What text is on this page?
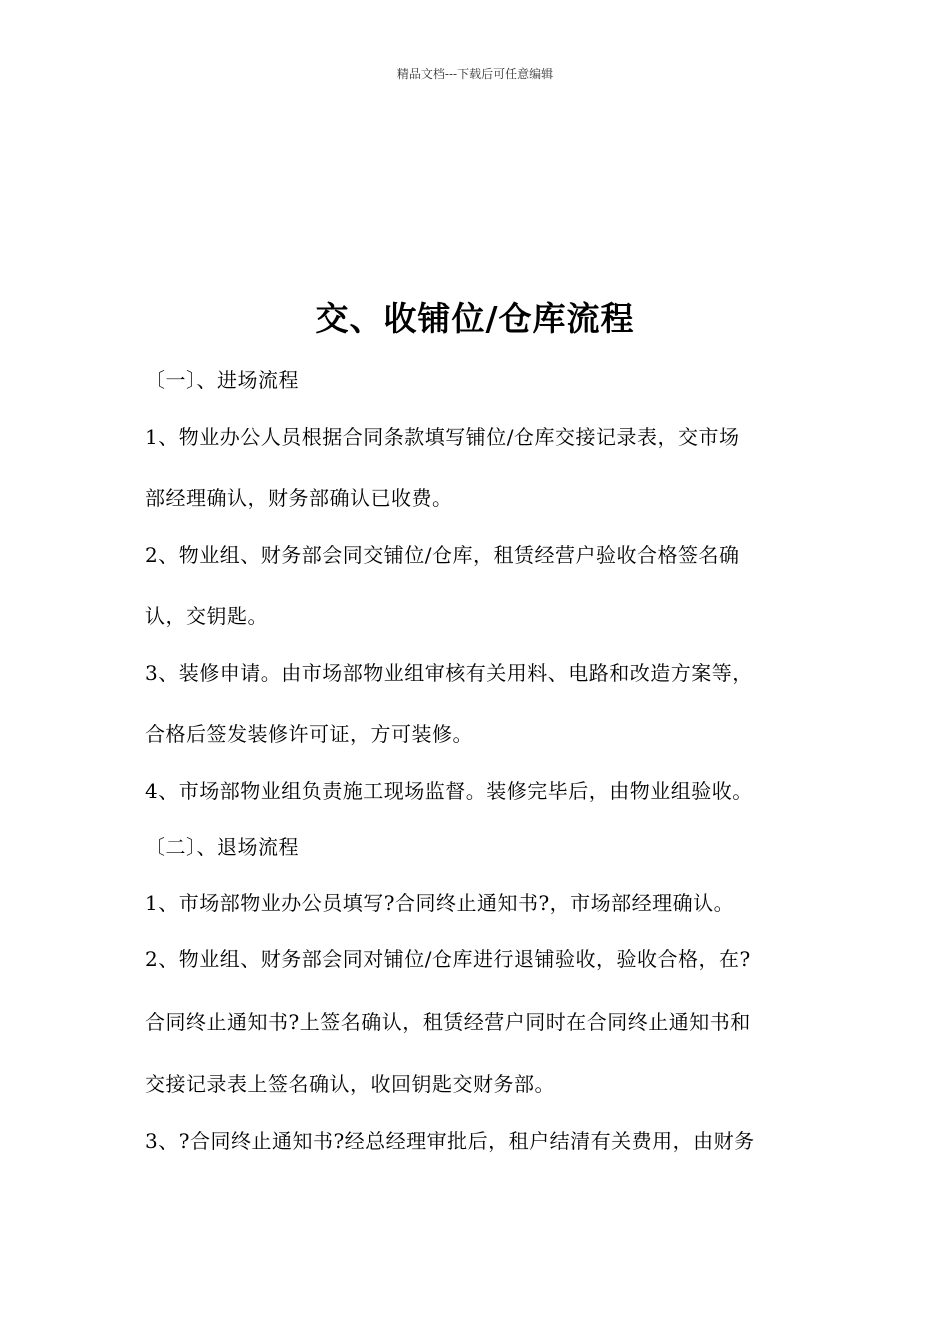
精品文档---下载后可任意编辑
交、收铺位/仓库流程
〔一〕、进场流程
1、物业办公人员根据合同条款填写铺位/仓库交接记录表，交市场
部经理确认，财务部确认已收费。
2、物业组、财务部会同交铺位/仓库，租赁经营户验收合格签名确
认，交钥匙。
3、装修申请。由市场部物业组审核有关用料、电路和改造方案等，
合格后签发装修许可证，方可装修。
4、市场部物业组负责施工现场监督。装修完毕后，由物业组验收。
〔二〕、退场流程
1、市场部物业办公员填写?合同终止通知书?，市场部经理确认。
2、物业组、财务部会同对铺位/仓库进行退铺验收，验收合格，在?
合同终止通知书?上签名确认，租赁经营户同时在合同终止通知书和
交接记录表上签名确认，收回钥匙交财务部。
3、?合同终止通知书?经总经理审批后，租户结清有关费用，由财务
